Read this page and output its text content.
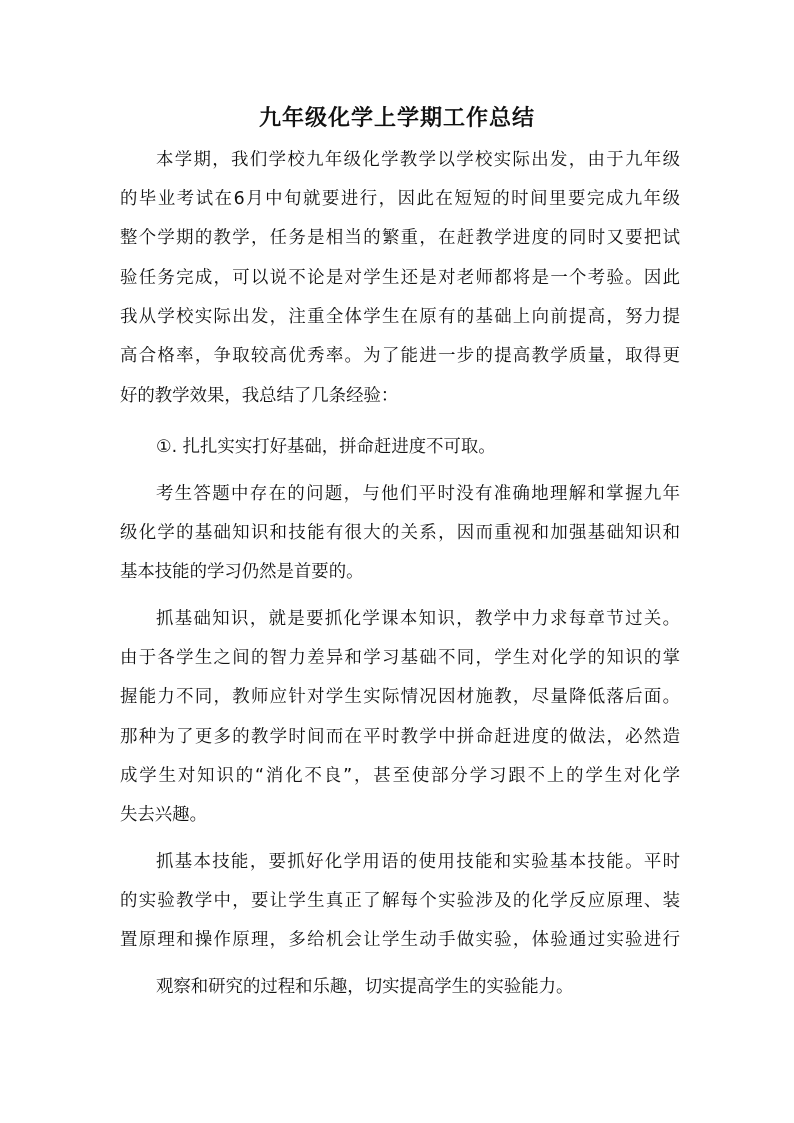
九年级化学上学期工作总结
本学期，我们学校九年级化学教学以学校实际出发，由于九年级
的毕业考试在6月中旬就要进行，因此在短短的时间里要完成九年级
整个学期的教学，任务是相当的繁重，在赶教学进度的同时又要把试
验任务完成，可以说不论是对学生还是对老师都将是一个考验。因此
我从学校实际出发，注重全体学生在原有的基础上向前提高，努力提
高合格率，争取较高优秀率。为了能进一步的提高教学质量，取得更
好的教学效果，我总结了几条经验：
①. 扎扎实实打好基础，拼命赶进度不可取。
考生答题中存在的问题，与他们平时没有准确地理解和掌握九年
级化学的基础知识和技能有很大的关系，因而重视和加强基础知识和
基本技能的学习仍然是首要的。
抓基础知识，就是要抓化学课本知识，教学中力求每章节过关。
由于各学生之间的智力差异和学习基础不同，学生对化学的知识的掌
握能力不同，教师应针对学生实际情况因材施教，尽量降低落后面。
那种为了更多的教学时间而在平时教学中拼命赶进度的做法，必然造
成学生对知识的“消化不良”，甚至使部分学习跟不上的学生对化学
失去兴趣。
抓基本技能，要抓好化学用语的使用技能和实验基本技能。平时
的实验教学中，要让学生真正了解每个实验涉及的化学反应原理、装
置原理和操作原理，多给机会让学生动手做实验，体验通过实验进行
观察和研究的过程和乐趣，切实提高学生的实验能力。
